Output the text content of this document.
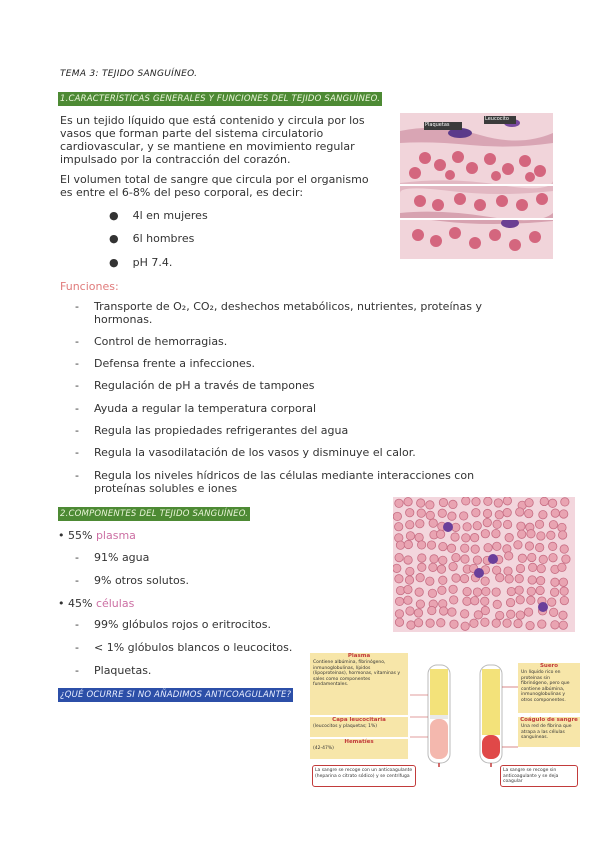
TEMA 3: TEJIDO SANGUÍNEO.
1.CARACTERÍSTICAS GENERALES Y FUNCIONES DEL TEJIDO SANGUÍNEO.
Es un tejido líquido que está contenido y circula por los
vasos que forman parte del sistema circulatorio
cardiovascular, y se mantiene en movimiento regular
impulsado por la contracción del corazón.
El volumen total de sangre que circula por el organismo
es entre el 6-8% del peso corporal, es decir:
●    4l en mujeres
●    6l hombres
●    pH 7.4.
Plaquetas
Leucocito
Funciones:
- Transporte de O₂, CO₂, deshechos metabólicos, nutrientes, proteínas y
hormonas.
- Control de hemorragias.
- Defensa frente a infecciones.
- Regulación de pH a través de tampones
- Ayuda a regular la temperatura corporal
- Regula las propiedades refrigerantes del agua
- Regula la vasodilatación de los vasos y disminuye el calor.
- Regula los niveles hídricos de las células mediante interacciones con
proteínas solubles e iones
2.COMPONENTES DEL TEJIDO SANGUÍNEO.
• 55% plasma
- 91% agua
- 9% otros solutos.
• 45% células
- 99% glóbulos rojos o eritrocitos.
- < 1% glóbulos blancos o leucocitos.
- Plaquetas.
¿QUÉ OCURRE SI NO AÑADIMOS ANTICOAGULANTE?
Plasma
Contiene albúmina, fibrinógeno, inmunoglobulinas, lípidos (lipoproteínas), hormonas, vitaminas y sales como componentes fundamentales.
Capa leucocitaria
(leucocitos y plaquetas; 1%)
Hematíes
(42-47%)
Suero
Un líquido rico en proteínas sin fibrinógeno, pero que contiene albúmina, inmunoglobulinas y otros componentes.
Coágulo de sangre
Una red de fibrina que atrapa a las células sanguíneas.
La sangre se recoge con un anticoagulante (heparina o citrato sódico) y se centrifuga
La sangre se recoge sin anticoagulante y se deja coagular
